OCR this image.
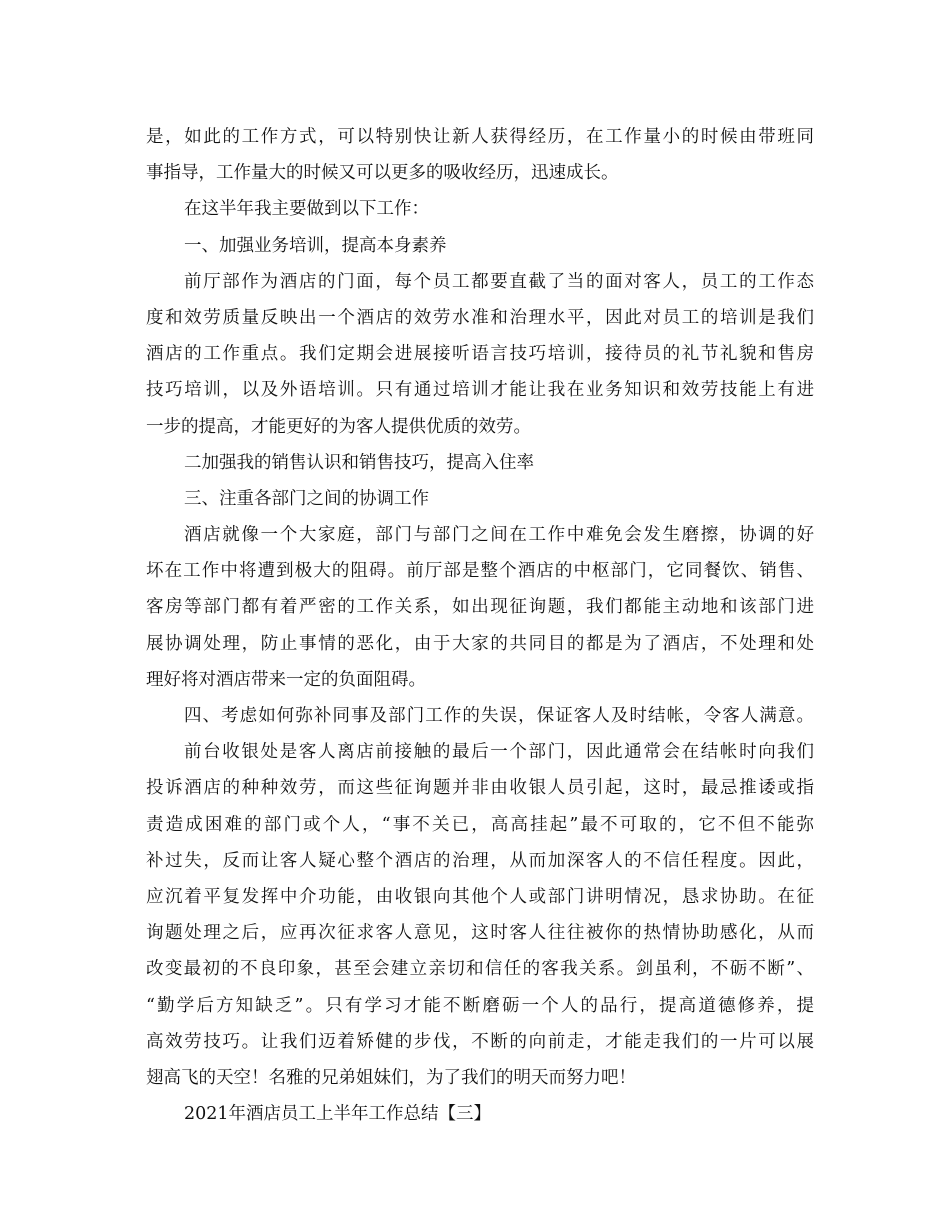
是，如此的工作方式，可以特别快让新人获得经历，在工作量小的时候由带班同
事指导，工作量大的时候又可以更多的吸收经历，迅速成长。
在这半年我主要做到以下工作：
一、加强业务培训，提高本身素养
前厅部作为酒店的门面，每个员工都要直截了当的面对客人，员工的工作态
度和效劳质量反映出一个酒店的效劳水准和治理水平，因此对员工的培训是我们
酒店的工作重点。我们定期会进展接听语言技巧培训，接待员的礼节礼貌和售房
技巧培训，以及外语培训。只有通过培训才能让我在业务知识和效劳技能上有进
一步的提高，才能更好的为客人提供优质的效劳。
二加强我的销售认识和销售技巧，提高入住率
三、注重各部门之间的协调工作
酒店就像一个大家庭，部门与部门之间在工作中难免会发生磨擦，协调的好
坏在工作中将遭到极大的阻碍。前厅部是整个酒店的中枢部门，它同餐饮、销售、
客房等部门都有着严密的工作关系，如出现征询题，我们都能主动地和该部门进
展协调处理，防止事情的恶化，由于大家的共同目的都是为了酒店，不处理和处
理好将对酒店带来一定的负面阻碍。
四、考虑如何弥补同事及部门工作的失误，保证客人及时结帐，令客人满意。
前台收银处是客人离店前接触的最后一个部门，因此通常会在结帐时向我们
投诉酒店的种种效劳，而这些征询题并非由收银人员引起，这时，最忌推诿或指
责造成困难的部门或个人，“事不关已，高高挂起”最不可取的，它不但不能弥
补过失，反而让客人疑心整个酒店的治理，从而加深客人的不信任程度。因此，
应沉着平复发挥中介功能，由收银向其他个人或部门讲明情况，恳求协助。在征
询题处理之后，应再次征求客人意见，这时客人往往被你的热情协助感化，从而
改变最初的不良印象，甚至会建立亲切和信任的客我关系。剑虽利，不砺不断”、
“勤学后方知缺乏”。只有学习才能不断磨砺一个人的品行，提高道德修养，提
高效劳技巧。让我们迈着矫健的步伐，不断的向前走，才能走我们的一片可以展
翅高飞的天空！名雅的兄弟姐妹们，为了我们的明天而努力吧！
2021年酒店员工上半年工作总结【三】
